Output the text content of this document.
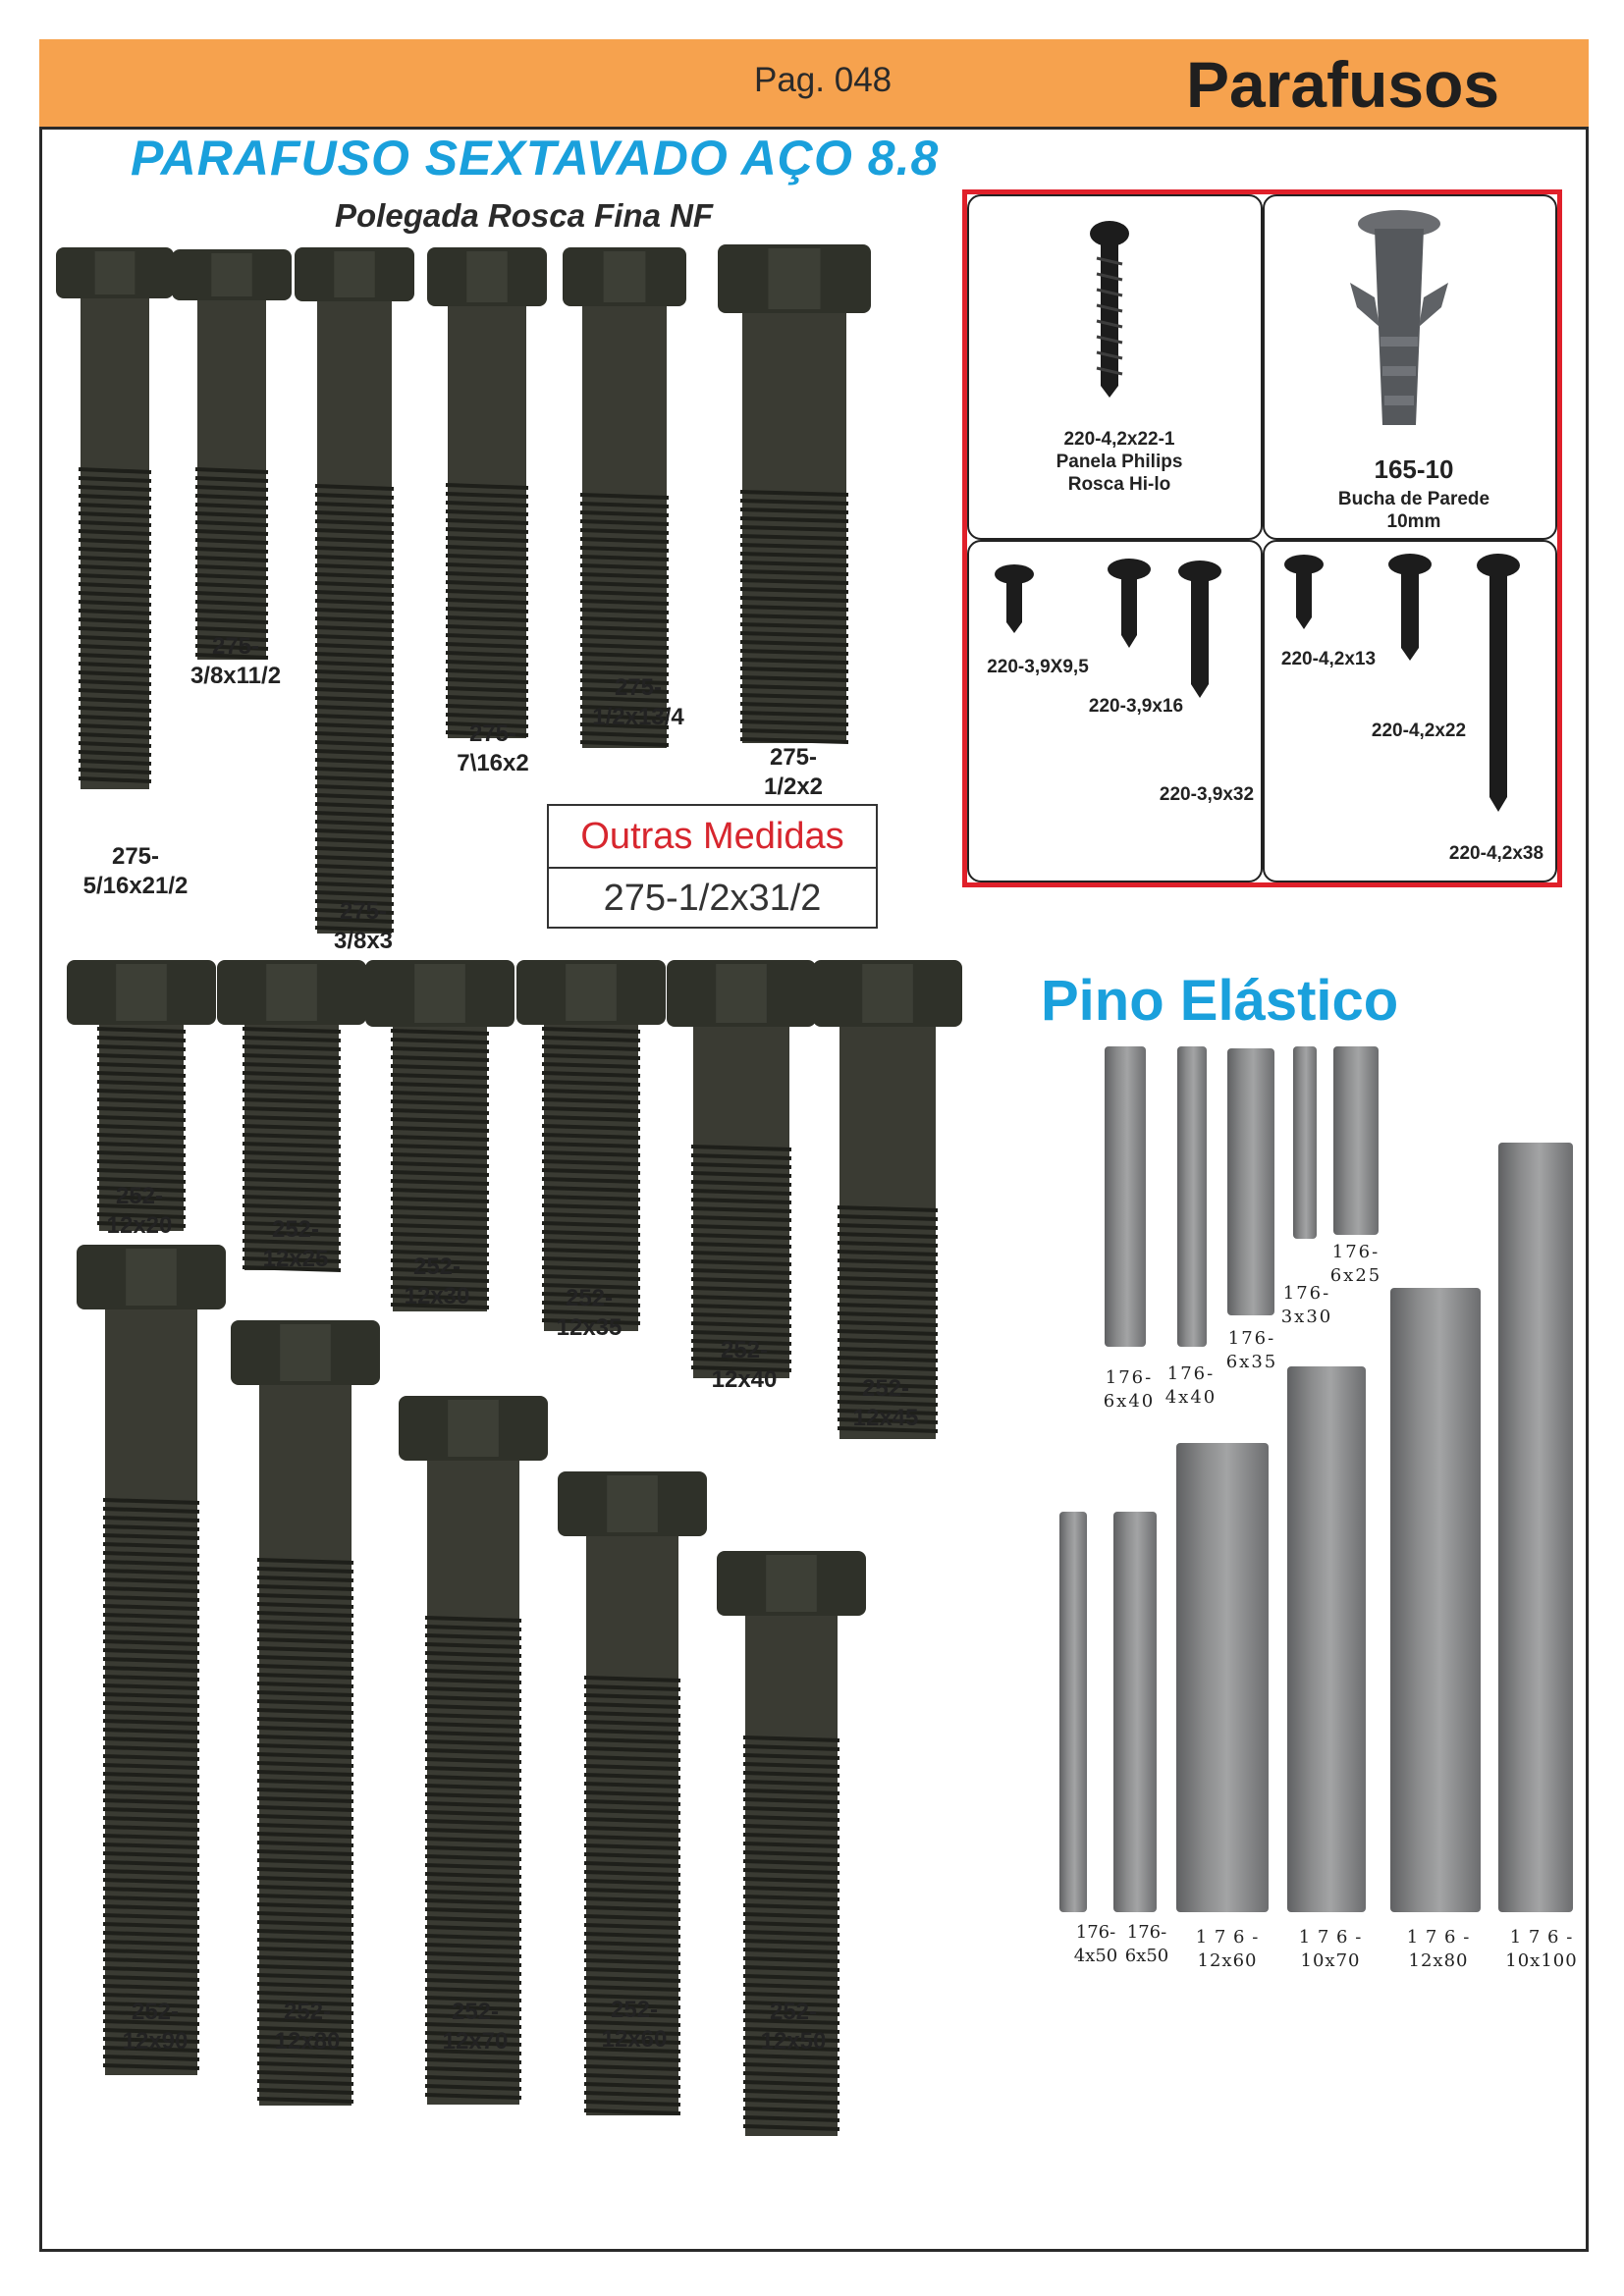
Pag. 048	Parafusos
PARAFUSO SEXTAVADO AÇO 8.8
Polegada Rosca Fina NF
275-
5/16x21/2
275-
3/8x11/2
275-
3/8x3
275-
7\16x2
275-
1/2x13/4
275-
1/2x2
Outras Medidas
275-1/2x31/2
252-
12x20	252-
12x25	252-
12x30	252-
12x35
252-
12x40	252-
12x45
252-
12x90
252-
12x80
252-
12x70
252-
12x60
252-
12x50
220-4,2x22-1
Panela Philips
Rosca Hi-lo
165-10
Bucha de Parede
10mm
220-3,9X9,5
220-3,9x16
220-3,9x32
220-4,2x13
220-4,2x22
220-4,2x38
Pino Elástico
176-
6x40
176-
4x40
176-
6x35
176-
3x30
176-
6x25
176-
4x50
176-
6x50
1 7 6 -
12x60
1 7 6 -
10x70
1 7 6 -
12x80
1 7 6 -
10x100
